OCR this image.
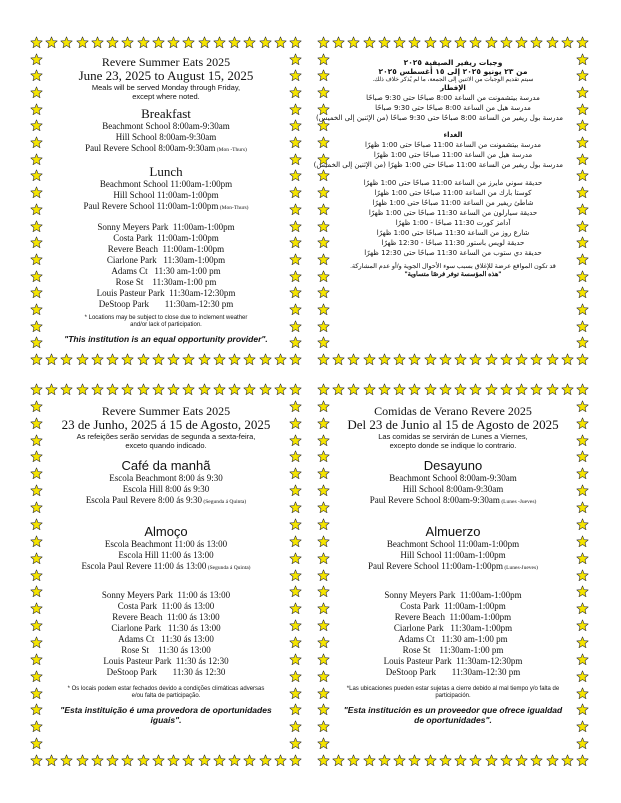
Revere Summer Eats 2025
June 23, 2025 to August 15, 2025
Meals will be served Monday through Friday,
except where noted.
Breakfast
Beachmont School 8:00am-9:30am
Hill School 8:00am-9:30am
Paul Revere School 8:00am-9:30am (Mon -Thurs)
Lunch
Beachmont School 11:00am-1:00pm
Hill School 11:00am-1:00pm
Paul Revere School 11:00am-1:00pm (Mon-Thurs)
Sonny Meyers Park  11:00am-1:00pm
Costa Park  11:00am-1:00pm
Revere Beach  11:00am-1:00pm
Ciarlone Park   11:30am-1:00pm
Adams Ct   11:30 am-1:00 pm
Rose St    11:30am-1:00 pm
Louis Pasteur Park  11:30am-12:30pm
DeStoop Park       11:30am-12:30 pm
* Locations may be subject to close due to inclement weather
and/or lack of participation.
"This institution is an equal opportunity provider".
وجبات ريفير الصيفية ٢٠٢٥
من ٢٣ يونيو ٢٠٢٥ إلى ١٥ أغسطس ٢٠٢٥
سيتم تقديم الوجبات من الاثنين إلى الجمعة، ما لم يُذكر خلاف ذلك.
الإفطار
مدرسة بيتشمونت من الساعة 8:00 صباحًا حتى 9:30 صباحًا
مدرسة هيل من الساعة 8:00 صباحًا حتى 9:30 صباحًا
مدرسة بول ريفير من الساعة 8:00 صباحًا حتى 9:30 صباحًا (من الإثنين إلى الخميس)
الغداء
مدرسة بيتشمونت من الساعة 11:00 صباحًا حتى 1:00 ظهرًا
مدرسة هيل من الساعة 11:00 صباحًا حتى 1:00 ظهرًا
مدرسة بول ريفير من الساعة 11:00 صباحًا حتى 1:00 ظهرًا (من الإثنين إلى الخميس)
حديقة سوني مايرز من الساعة 11:00 صباحًا حتى 1:00 ظهرًا
كوستا بارك من الساعة 11:00 صباحًا حتى 1:00 ظهرًا
شاطئ ريفير من الساعة 11:00 صباحًا حتى 1:00 ظهرًا
حديقة سيارلون من الساعة 11:30 صباحًا حتى 1:00 ظهرًا
آدامز كورت 11:30 صباحًا - 1:00 ظهرًا
شارع روز من الساعة 11:30 صباحًا حتى 1:00 ظهرًا
حديقة لويس باستور 11:30 صباحًا - 12:30 ظهرًا
حديقة دي ستوب من الساعة 11:30 صباحًا حتى 12:30 ظهرًا
قد تكون المواقع عرضة للإغلاق بسبب سوء الأحوال الجوية و/أو عدم المشاركة.
"هذه المؤسسة توفر فرصًا متساوية"
Revere Summer Eats 2025
23 de Junho, 2025 á 15 de Agosto, 2025
As refeições serão servidas de segunda a sexta-feira,
exceto quando indicado.
Café da manhã
Escola Beachmont 8:00 ás 9:30
Escola Hill 8:00 ás 9:30
Escola Paul Revere 8:00 ás 9:30 (Segunda á Quinta)
Almoço
Escola Beachmont 11:00 ás 13:00
Escola Hill 11:00 ás 13:00
Escola Paul Revere 11:00 ás 13:00 (Segunda á Quinta)
Sonny Meyers Park  11:00 ás 13:00
Costa Park  11:00 ás 13:00
Revere Beach  11:00 ás 13:00
Ciarlone Park   11:30 ás 13:00
Adams Ct   11:30 ás 13:00
Rose St    11:30 ás 13:00
Louis Pasteur Park  11:30 ás 12:30
DeStoop Park       11:30 ás 12:30
* Os locais podem estar fechados devido a condições climáticas adversas
e/ou falta de participação.
"Esta instituição é uma provedora de oportunidades iguais".
Comidas de Verano Revere 2025
Del 23 de Junio al 15 de Agosto de 2025
Las comidas se servirán de Lunes a Viernes,
excepto donde se indique lo contrario.
Desayuno
Beachmont School 8:00am-9:30am
Hill School 8:00am-9:30am
Paul Revere School 8:00am-9:30am (Lunes -Jueves)
Almuerzo
Beachmont School 11:00am-1:00pm
Hill School 11:00am-1:00pm
Paul Revere School 11:00am-1:00pm (Lunes-Jueves)
Sonny Meyers Park  11:00am-1:00pm
Costa Park  11:00am-1:00pm
Revere Beach  11:00am-1:00pm
Ciarlone Park   11:30am-1:00pm
Adams Ct   11:30 am-1:00 pm
Rose St    11:30am-1:00 pm
Louis Pasteur Park  11:30am-12:30pm
DeStoop Park       11:30am-12:30 pm
*Las ubicaciones pueden estar sujetas a cierre debido al mal tiempo y/o falta de
participación.
"Esta institución es un proveedor que ofrece igualdad de oportunidades".
